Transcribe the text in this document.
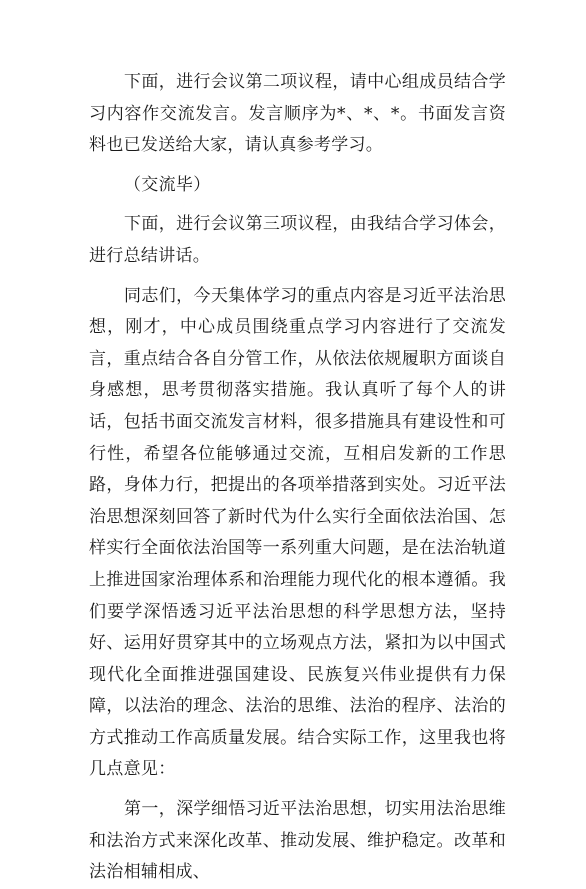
下面，进行会议第二项议程，请中心组成员结合学习内容作交流发言。发言顺序为*、*、*。书面发言资料也已发送给大家，请认真参考学习。

（交流毕）

下面，进行会议第三项议程，由我结合学习体会，进行总结讲话。

同志们，今天集体学习的重点内容是习近平法治思想，刚才，中心成员围绕重点学习内容进行了交流发言，重点结合各自分管工作，从依法依规履职方面谈自身感想，思考贯彻落实措施。我认真听了每个人的讲话，包括书面交流发言材料，很多措施具有建设性和可行性，希望各位能够通过交流，互相启发新的工作思路，身体力行，把提出的各项举措落到实处。习近平法治思想深刻回答了新时代为什么实行全面依法治国、怎样实行全面依法治国等一系列重大问题，是在法治轨道上推进国家治理体系和治理能力现代化的根本遵循。我们要学深悟透习近平法治思想的科学思想方法，坚持好、运用好贯穿其中的立场观点方法，紧扣为以中国式现代化全面推进强国建设、民族复兴伟业提供有力保障，以法治的理念、法治的思维、法治的程序、法治的方式推动工作高质量发展。结合实际工作，这里我也将几点意见：

第一，深学细悟习近平法治思想，切实用法治思维和法治方式来深化改革、推动发展、维护稳定。改革和法治相辅相成、
